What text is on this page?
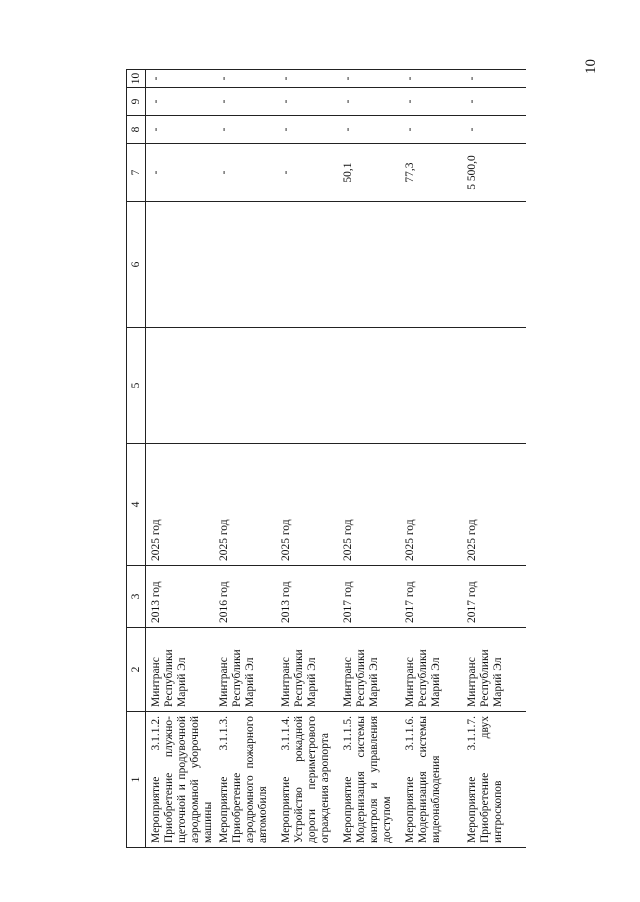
10
1	2	3	4	5	6	7	8	9	10
Мероприятие 3.1.1.2. Приобретение плужно-щеточной и продувочной аэродромной уборочной машины	Минтранс Республики Марий Эл	2013 год	2025 год			-	-	-	-
Мероприятие 3.1.1.3. Приобретение аэродромного пожарного автомобиля	Минтранс Республики Марий Эл	2016 год	2025 год			-	-	-	-
Мероприятие 3.1.1.4. Устройство рокадной дороги периметрового ограждения аэропорта	Минтранс Республики Марий Эл	2013 год	2025 год			-	-	-	-
Мероприятие 3.1.1.5. Модернизация системы контроля и управления доступом	Минтранс Республики Марий Эл	2017 год	2025 год			50,1	-	-	-
Мероприятие 3.1.1.6. Модернизация системы видеонаблюдения	Минтранс Республики Марий Эл	2017 год	2025 год			77,3	-	-	-
Мероприятие 3.1.1.7. Приобретение двух интроскопов	Минтранс Республики Марий Эл	2017 год	2025 год			5 500,0	-	-	-
